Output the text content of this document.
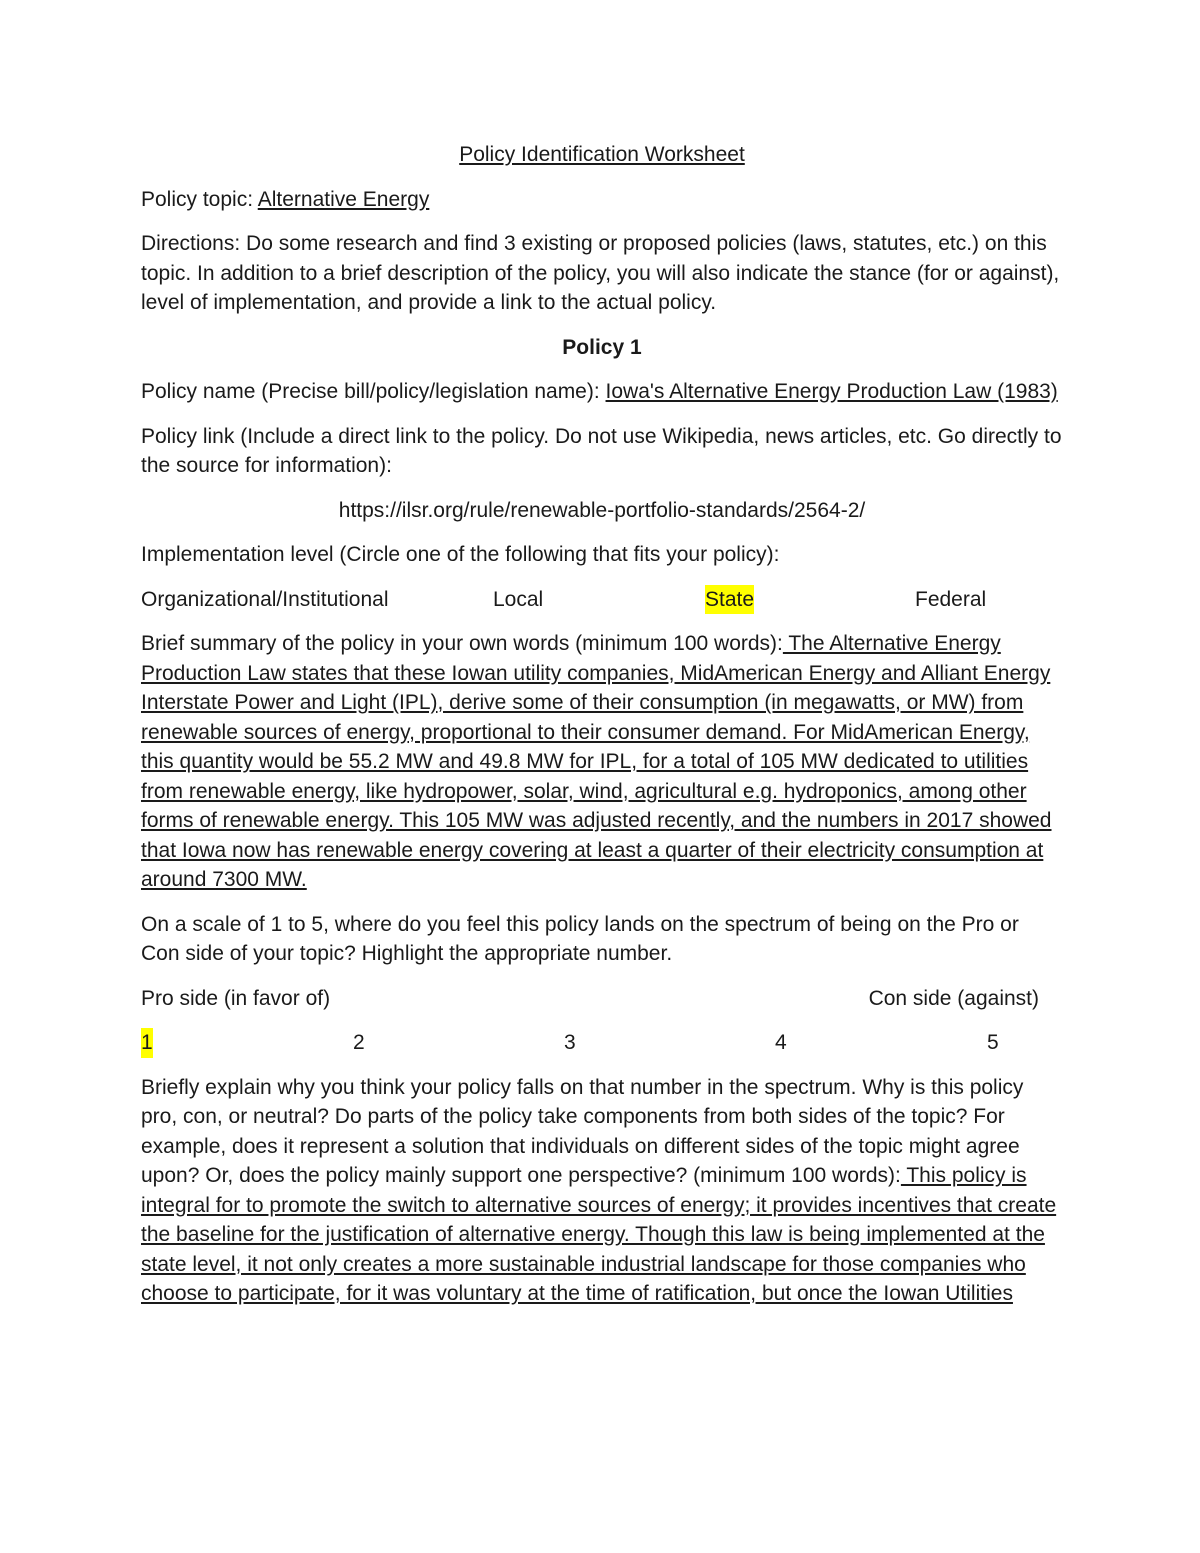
Policy Identification Worksheet
Policy topic: Alternative Energy
Directions: Do some research and find 3 existing or proposed policies (laws, statutes, etc.) on this topic. In addition to a brief description of the policy, you will also indicate the stance (for or against), level of implementation, and provide a link to the actual policy.
Policy 1
Policy name (Precise bill/policy/legislation name): Iowa's Alternative Energy Production Law (1983)
Policy link (Include a direct link to the policy. Do not use Wikipedia, news articles, etc. Go directly to the source for information):
https://ilsr.org/rule/renewable-portfolio-standards/2564-2/
Implementation level (Circle one of the following that fits your policy):
Organizational/Institutional	Local	State	Federal
Brief summary of the policy in your own words (minimum 100 words): The Alternative Energy Production Law states that these Iowan utility companies, MidAmerican Energy and Alliant Energy Interstate Power and Light (IPL), derive some of their consumption (in megawatts, or MW) from renewable sources of energy, proportional to their consumer demand. For MidAmerican Energy, this quantity would be 55.2 MW and 49.8 MW for IPL, for a total of 105 MW dedicated to utilities from renewable energy, like hydropower, solar, wind, agricultural e.g. hydroponics, among other forms of renewable energy. This 105 MW was adjusted recently, and the numbers in 2017 showed that Iowa now has renewable energy covering at least a quarter of their electricity consumption at around 7300 MW.
On a scale of 1 to 5, where do you feel this policy lands on the spectrum of being on the Pro or Con side of your topic? Highlight the appropriate number.
Pro side (in favor of)	Con side (against)
1	2	3	4	5
Briefly explain why you think your policy falls on that number in the spectrum. Why is this policy pro, con, or neutral? Do parts of the policy take components from both sides of the topic? For example, does it represent a solution that individuals on different sides of the topic might agree upon? Or, does the policy mainly support one perspective? (minimum 100 words): This policy is integral for to promote the switch to alternative sources of energy; it provides incentives that create the baseline for the justification of alternative energy. Though this law is being implemented at the state level, it not only creates a more sustainable industrial landscape for those companies who choose to participate, for it was voluntary at the time of ratification, but once the Iowan Utilities
